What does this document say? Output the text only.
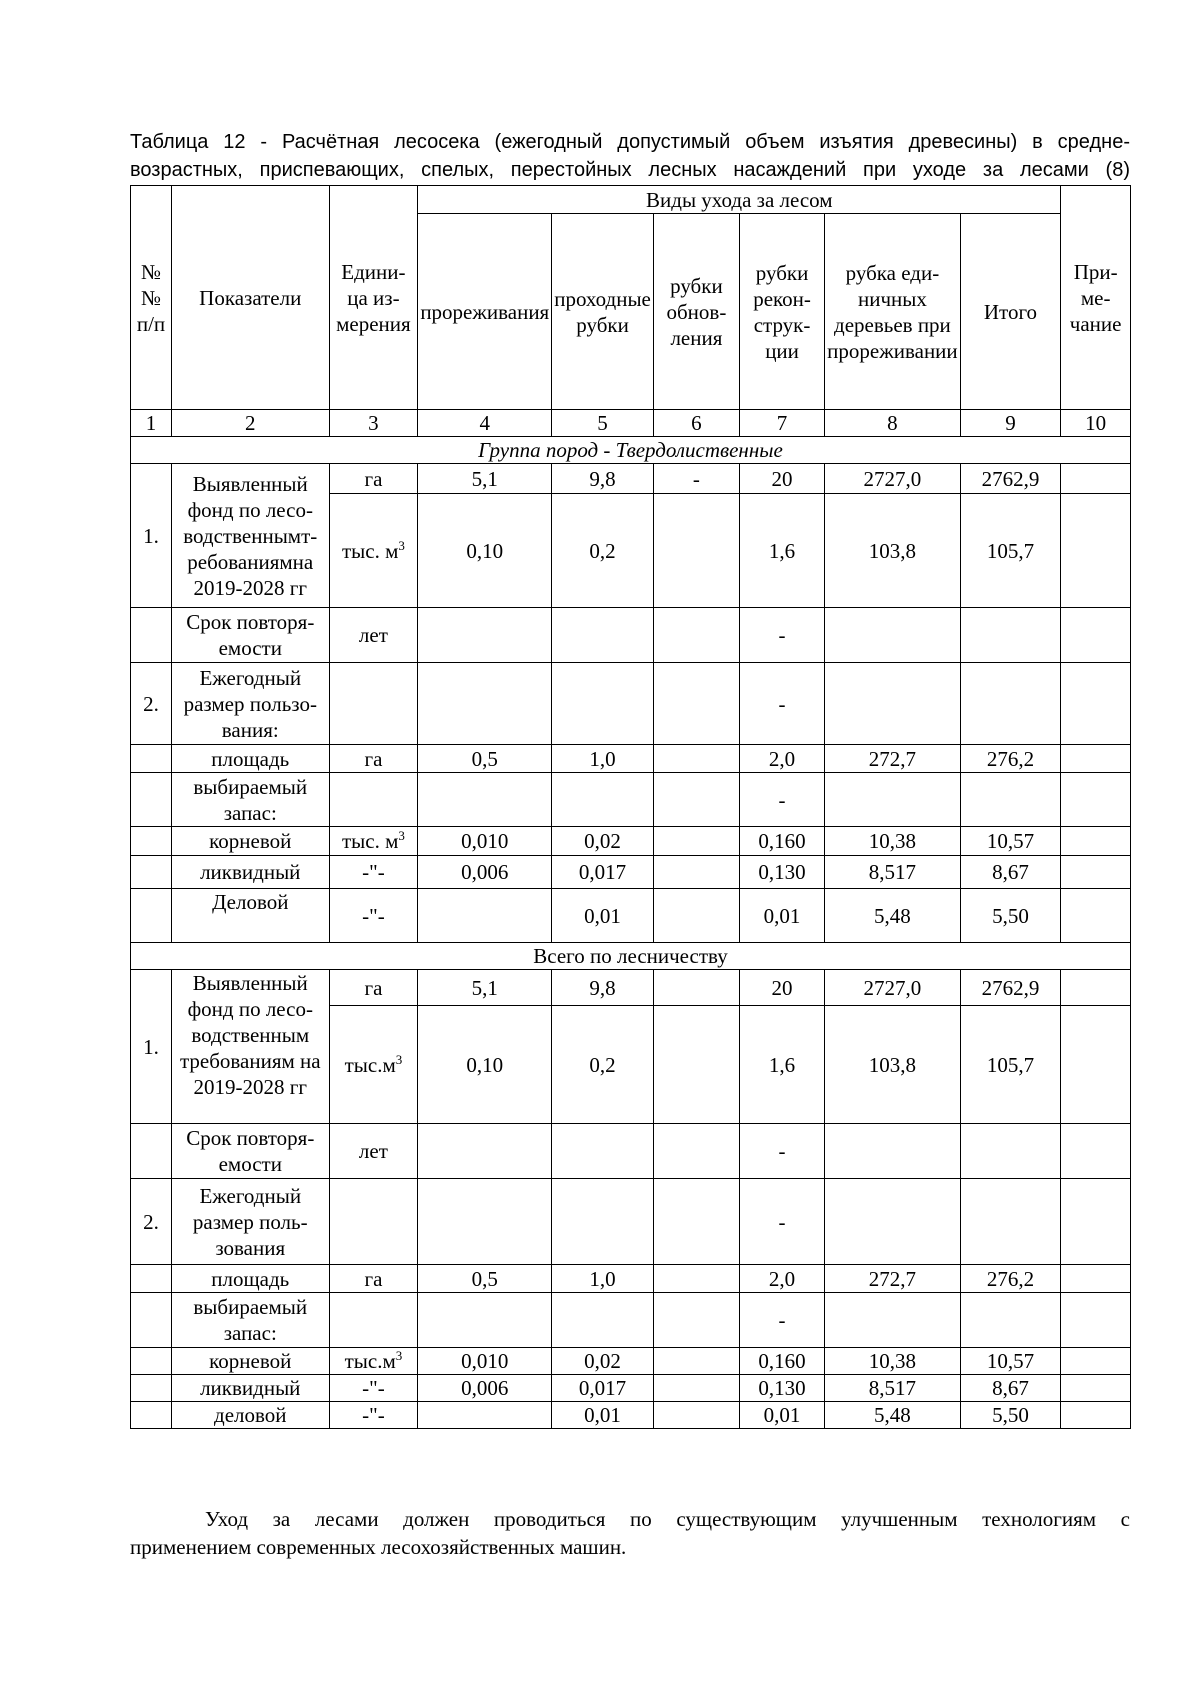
Таблица 12 - Расчётная лесосека (ежегодный допустимый объем изъятия древесины) в средне-
возрастных, приспевающих, спелых, перестойных лесных насаждений при уходе за лесами (8)
№№ п/п	Показатели	Едини-ца из-мерения	Виды ухода за лесом						При-ме-чание
			прореживания	проходные рубки	рубки обнов-ления	рубки рекон-струк-ции	рубка еди-ничных деревьев при прореживании	Итого	
1	2	3	4	5	6	7	8	9	10
Группа пород - Твердолиственные									
1.	Выявленный фонд по лесо-водственнымт-ребованиямна 2019-2028 гг	га	5,1	9,8	-	20	2727,0	2762,9	
		тыс. $м^3$	0,10	0,2		1,6	103,8	105,7	
	Срок повторя-емости	лет				-			
2.	Ежегодный размер пользо-вания:					-			
	площадь	га	0,5	1,0		2,0	272,7	276,2	
	выбираемый запас:					-			
	корневой	тыс. $м^3$	0,010	0,02		0,160	10,38	10,57	
	ликвидный	-"-	0,006	0,017		0,130	8,517	8,67	
	Деловой	-"-		0,01		0,01	5,48	5,50	
Всего по лесничеству									
1.	Выявленный фонд по лесо-водственным требованиям на 2019-2028 гг	га	5,1	9,8		20	2727,0	2762,9	
		$тыс.м^3$	0,10	0,2		1,6	103,8	105,7	
	Срок повторя-емости	лет				-			
2.	Ежегодный размер поль-зования					-			
	площадь	га	0,5	1,0		2,0	272,7	276,2	
	выбираемый запас:					-			
	корневой	$тыс.м^3$	0,010	0,02		0,160	10,38	10,57	
	ликвидный	-"-	0,006	0,017		0,130	8,517	8,67	
	деловой	-"-		0,01		0,01	5,48	5,50	
Уход за лесами должен проводиться по существующим улучшенным технологиям с
применением современных лесохозяйственных машин.
